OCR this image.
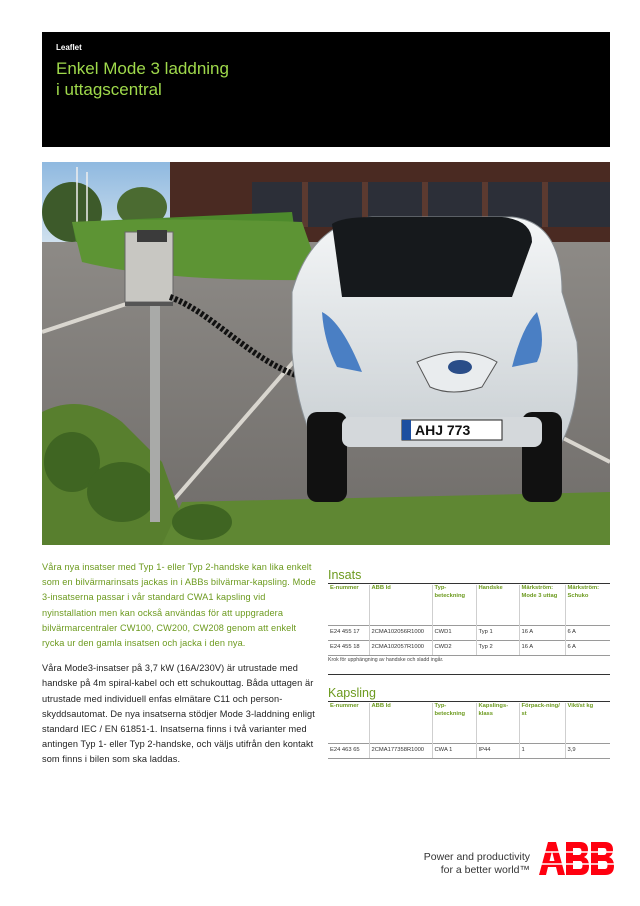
Leaflet
Enkel Mode 3 laddning
i uttagscentral
AHJ 773

Våra nya insatser med Typ 1- eller Typ 2-handske kan lika enkelt som en bilvärmarinsats jackas in i ABBs bilvärmar-kapsling. Mode 3-insatserna passar i vår standard CWA1 kapsling vid nyinstallation men kan också användas för att uppgradera bilvärmarcentraler CW100, CW200, CW208 genom att enkelt rycka ur den gamla insatsen och jacka i den nya.

Våra Mode3-insatser på 3,7 kW (16A/230V) är utrustade med handske på 4m spiral-kabel och ett schukouttag. Båda uttagen är utrustade med individuell enfas elmätare C11 och person-skyddsautomat. De nya insatserna stödjer Mode 3-laddning enligt standard IEC / EN 61851-1. Insatserna finns i två varianter med antingen Typ 1- eller Typ 2-handske, och väljs utifrån den kontakt som finns i bilen som ska laddas.

Insats
E-nummer	ABB Id	Typ-beteckning	Handske	Märkström: Mode 3 uttag	Märkström: Schuko
E24 455 17	2CMA102056R1000	CWD1	Typ 1	16 A	6 A
E24 455 18	2CMA102057R1000	CWD2	Typ 2	16 A	6 A
Krok för upphängning av handske och sladd ingår.
Kapsling
E-nummer	ABB Id	Typ-beteckning	Kapslings-klass	Förpack-ning/ st	Vikt/st kg
E24 463 65	2CMA177358R1000	CWA 1	IP44	1	3,9
Power and productivity
for a better world™
